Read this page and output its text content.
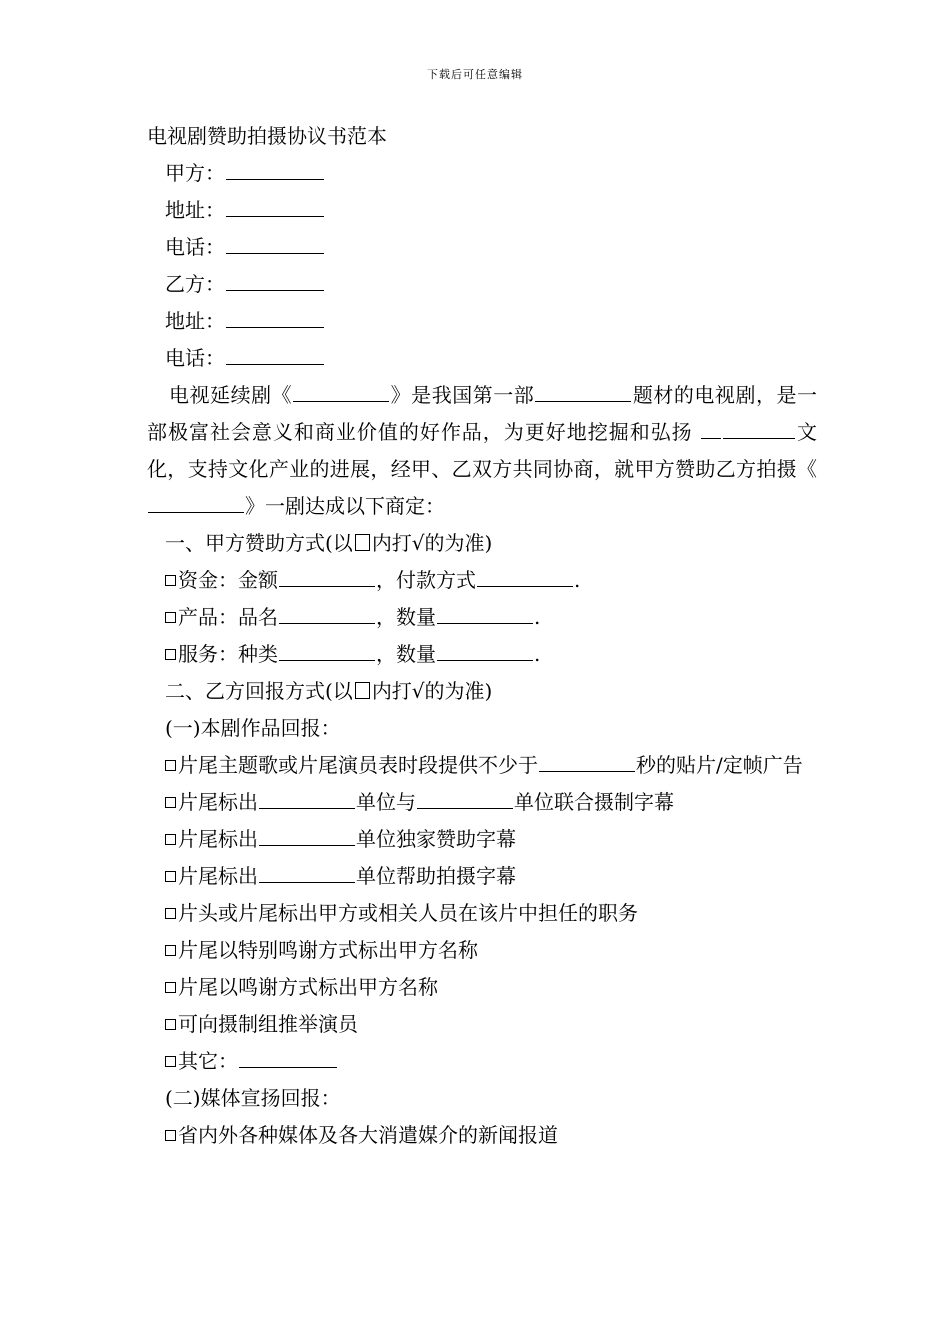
下载后可任意编辑
电视剧赞助拍摄协议书范本
甲方：
地址：
电话：
乙方：
地址：
电话：
电视延续剧《	》是我国第一部	题材的电视剧，是一部极富社会意义和商业价值的好作品，为更好地挖掘和弘扬	文化，支持文化产业的进展，经甲、乙双方共同协商，就甲方赞助乙方拍摄《》一剧达成以下商定：
一、甲方赞助方式(以 内打√的为准)
资金：金额	，付款方式	.
产品：品名	，数量	.
服务：种类	，数量	.
二、乙方回报方式(以 内打√的为准)
(一)本剧作品回报：
片尾主题歌或片尾演员表时段提供不少于	秒的贴片/定帧广告
片尾标出	单位与	单位联合摄制字幕
片尾标出	单位独家赞助字幕
片尾标出	单位帮助拍摄字幕
片头或片尾标出甲方或相关人员在该片中担任的职务
片尾以特别鸣谢方式标出甲方名称
片尾以鸣谢方式标出甲方名称
可向摄制组推举演员
其它：
(二)媒体宣扬回报：
省内外各种媒体及各大消遣媒介的新闻报道
